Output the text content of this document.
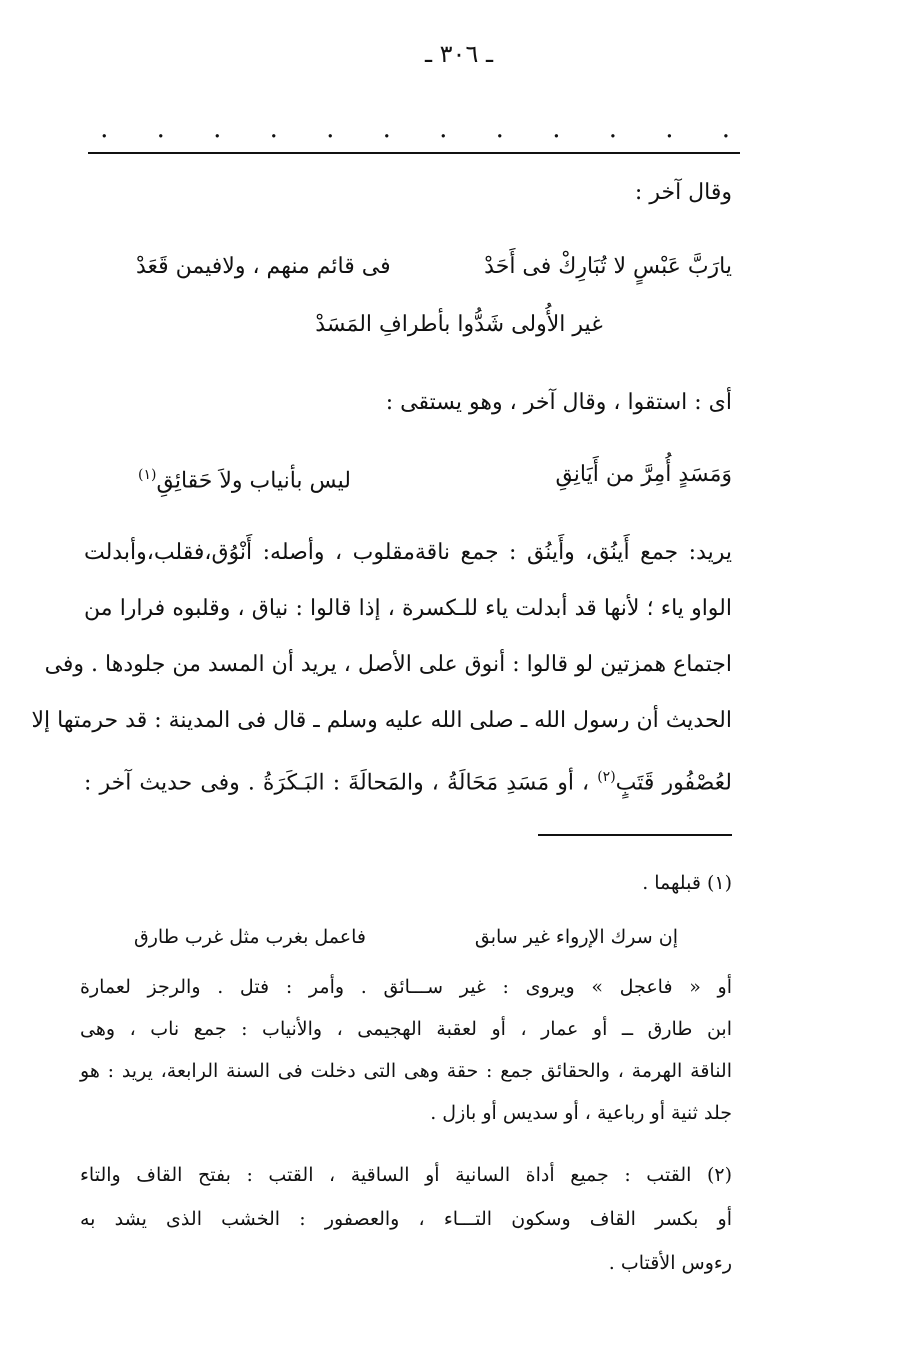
ـ ٣٠٦ ـ
.
.
.
.
.
.
.
.
.
.
.
.
وقال آخر :
يارَبَّ عَبْسٍ لا تُبَارِكْ فى أَحَدْ
فى قائم منهم ، ولافيمن قَعَدْ
غير الأُولى شَدُّوا بأطرافِ المَسَدْ
أى : استقوا ، وقال آخر ، وهو يستقى :
وَمَسَدٍ أُمِرَّ من أَيَانِقِ
ليس بأنياب ولاَ حَقائِقِ$^{(١)}$
يريد: جمع أَينُق، وأَينُق : جمع ناقةمقلوب ، وأصله: أَنْوُق،فقلب،وأبدلت
الواو ياء ؛ لأنها قد أبدلت ياء للـكسرة ، إذا قالوا : نياق ، وقلبوه فرارا من
اجتماع همزتين لو قالوا : أنوق على الأصل ، يريد أن المسد من جلودها . وفى
الحديث أن رسول الله ـ صلى الله عليه وسلم ـ قال فى المدينة : قد حرمتها إلا
لعُصْفُور قَتَبٍ$^{(٢)}$ ، أو مَسَدِ مَحَالَةُ ، والمَحالَةَ : البَـكَرَةُ . وفى حديث آخر :
(١) قبلهما .
إن سرك الإرواء غير سابق
فاعمل بغرب مثل غرب طارق
أو « فاعجل » ويروى : غير ســـائق . وأمر : فتل . والرجز لعمارة
ابن طارق ــ أو عمار ، أو لعقبة الهجيمى ، والأنياب : جمع ناب ، وهى
الناقة الهرمة ، والحقائق جمع : حقة وهى التى دخلت فى السنة الرابعة، يريد : هو
جلد ثنية أو رباعية ، أو سديس أو بازل .
(٢) القتب : جميع أداة السانية أو الساقية ، القتب : بفتح القاف والتاء
أو بكسر القاف وسكون التـــاء ، والعصفور : الخشب الذى يشد به
رءوس الأقتاب .
